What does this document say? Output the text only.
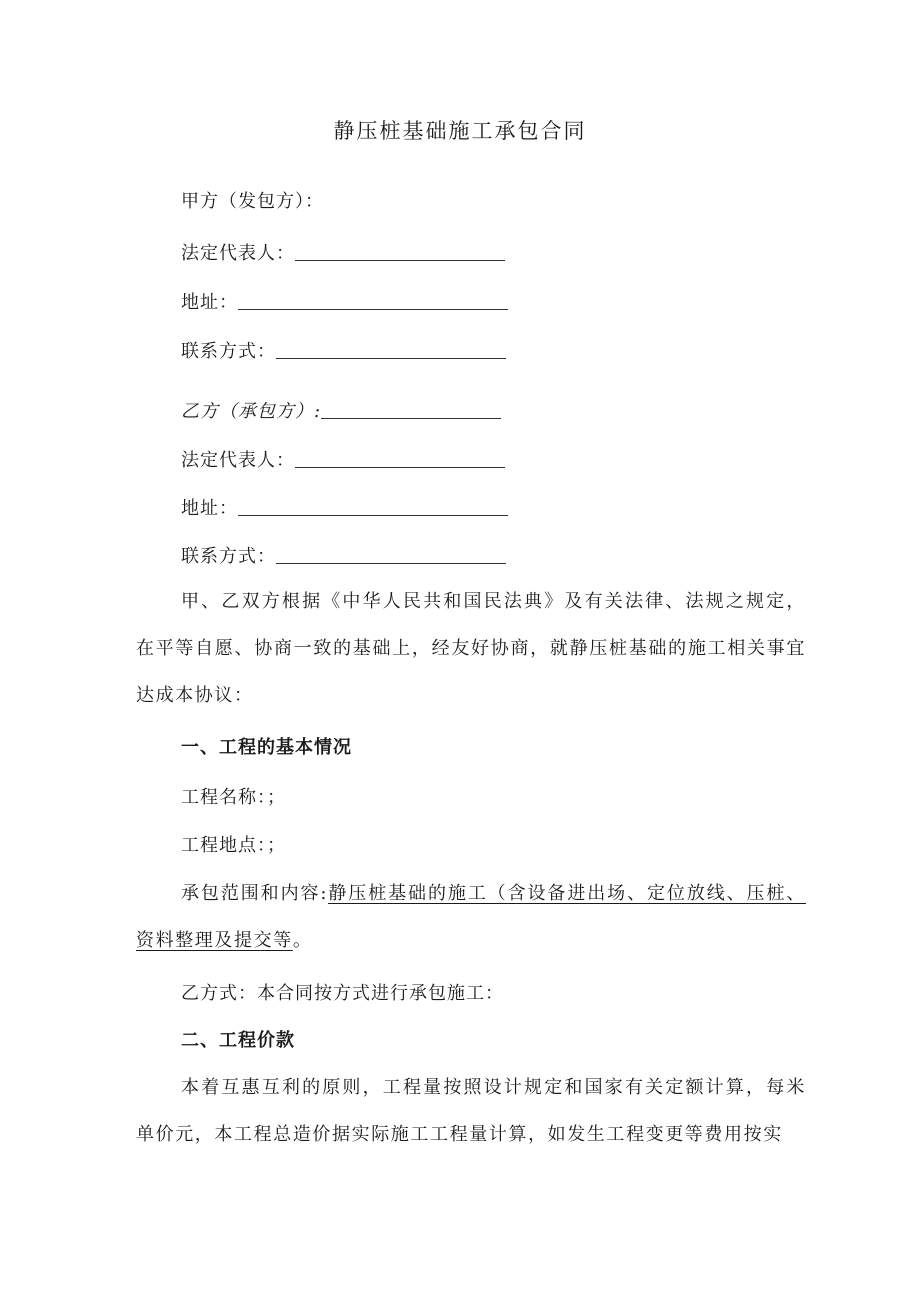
静压桩基础施工承包合同
甲方（发包方）：
法定代表人：
地址：
联系方式：
乙方（承包方）:
法定代表人：
地址：
联系方式：
甲、乙双方根据《中华人民共和国民法典》及有关法律、法规之规定，在平等自愿、协商一致的基础上，经友好协商，就静压桩基础的施工相关事宜达成本协议：
一、工程的基本情况
工程名称：；
工程地点：；
承包范围和内容:静压桩基础的施工（含设备进出场、定位放线、压桩、资料整理及提交等。
乙方式：本合同按方式进行承包施工：
二、工程价款
本着互惠互利的原则，工程量按照设计规定和国家有关定额计算，每米单价元，本工程总造价据实际施工工程量计算，如发生工程变更等费用按实
